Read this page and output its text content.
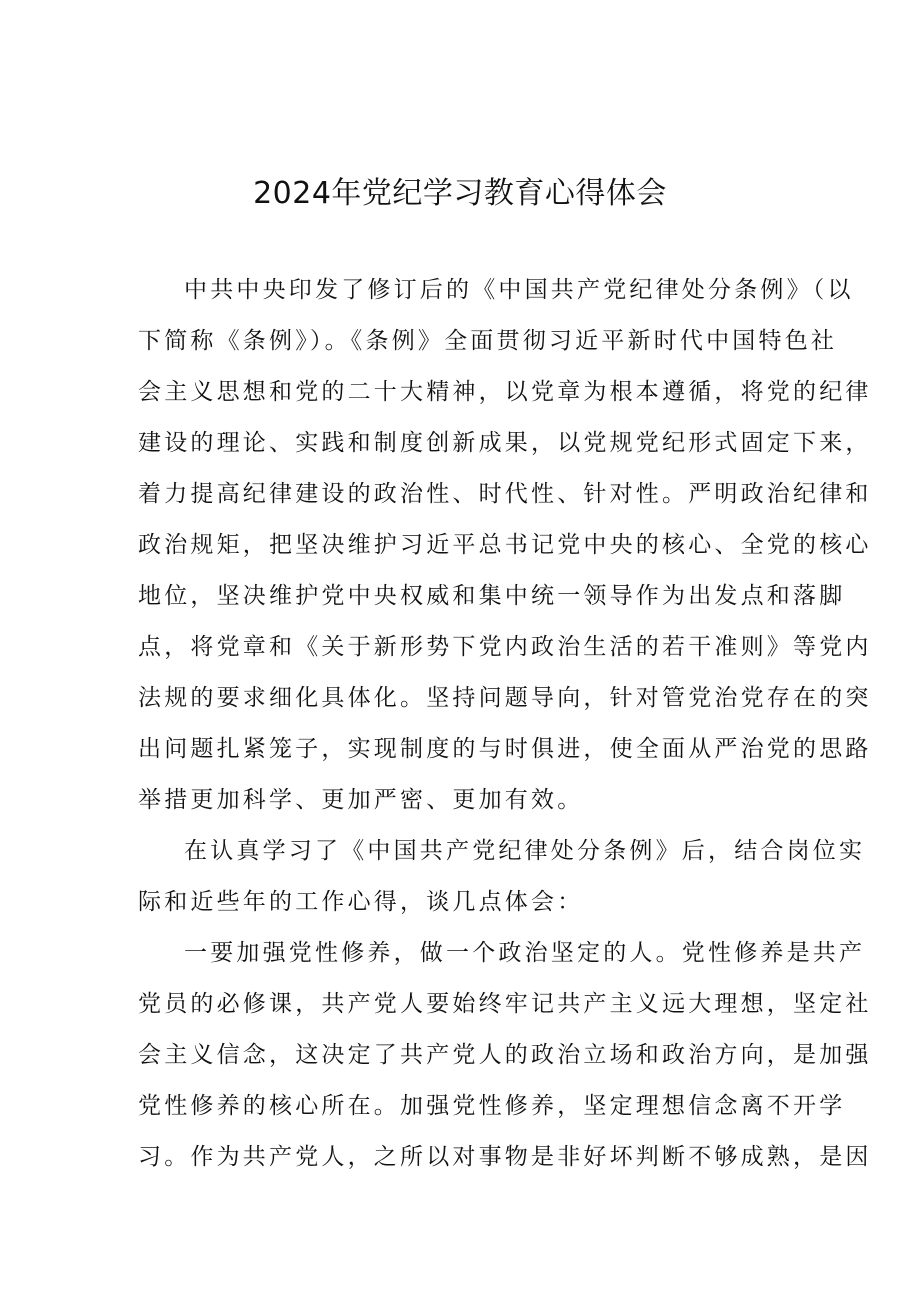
2024年党纪学习教育心得体会
中共中央印发了修订后的《中国共产党纪律处分条例》（以
下简称《条例》）。《条例》全面贯彻习近平新时代中国特色社
会主义思想和党的二十大精神，以党章为根本遵循，将党的纪律
建设的理论、实践和制度创新成果，以党规党纪形式固定下来，
着力提高纪律建设的政治性、时代性、针对性。严明政治纪律和
政治规矩，把坚决维护习近平总书记党中央的核心、全党的核心
地位，坚决维护党中央权威和集中统一领导作为出发点和落脚
点，将党章和《关于新形势下党内政治生活的若干准则》等党内
法规的要求细化具体化。坚持问题导向，针对管党治党存在的突
出问题扎紧笼子，实现制度的与时俱进，使全面从严治党的思路
举措更加科学、更加严密、更加有效。
在认真学习了《中国共产党纪律处分条例》后，结合岗位实
际和近些年的工作心得，谈几点体会：
一要加强党性修养，做一个政治坚定的人。党性修养是共产
党员的必修课，共产党人要始终牢记共产主义远大理想，坚定社
会主义信念，这决定了共产党人的政治立场和政治方向，是加强
党性修养的核心所在。加强党性修养，坚定理想信念离不开学
习。作为共产党人，之所以对事物是非好坏判断不够成熟，是因
